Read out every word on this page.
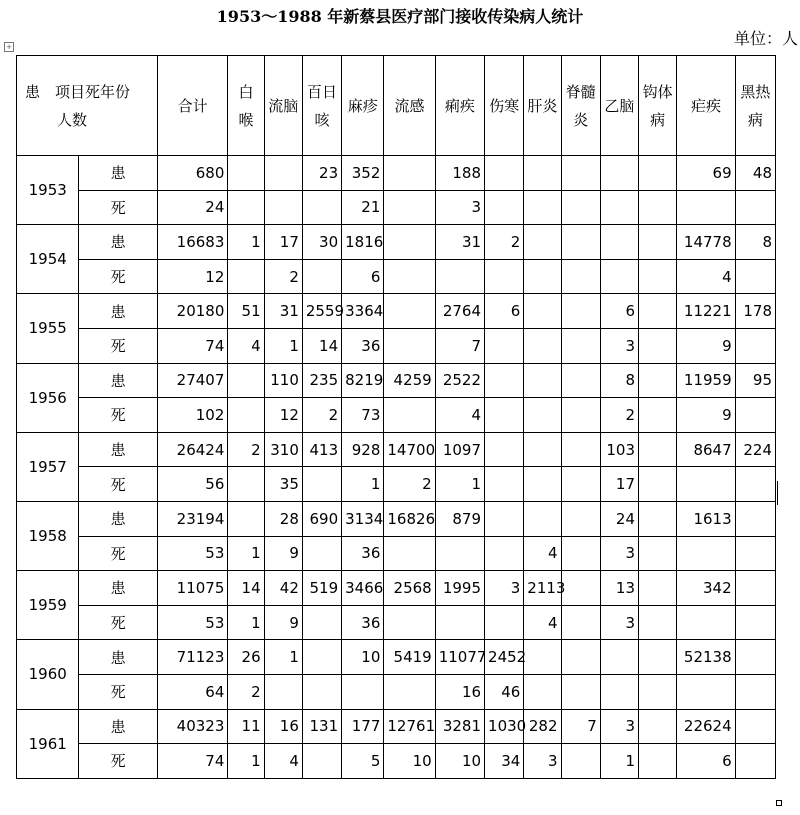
1953～1988 年新蔡县医疗部门接收传染病人统计
单位：人
+
患　项目死年份
人数		合计	白喉	流脑	百日咳	麻疹	流感	痢疾	伤寒	肝炎	脊髓炎	乙脑	钩体病	疟疾	黑热病
1953	患	680			23	352		188						69	48
	死	24				21		3							
1954	患	16683	1	17	30	1816		31	2					14778	8
	死	12		2		6								4	
1955	患	20180	51	31	2559	3364		2764	6			6		11221	178
	死	74	4	1	14	36		7				3		9	
1956	患	27407		110	235	8219	4259	2522				8		11959	95
	死	102		12	2	73		4				2		9	
1957	患	26424	2	310	413	928	14700	1097				103		8647	224
	死	56		35		1	2	1				17			
1958	患	23194		28	690	3134	16826	879				24		1613	
	死	53	1	9		36				4		3			
1959	患	11075	14	42	519	3466	2568	1995	3	2113		13		342	
	死	53	1	9		36				4		3			
1960	患	71123	26	1		10	5419	11077	2452					52138	
	死	64	2					16	46						
1961	患	40323	11	16	131	177	12761	3281	1030	282	7	3		22624	
	死	74	1	4		5	10	10	34	3		1		6	
